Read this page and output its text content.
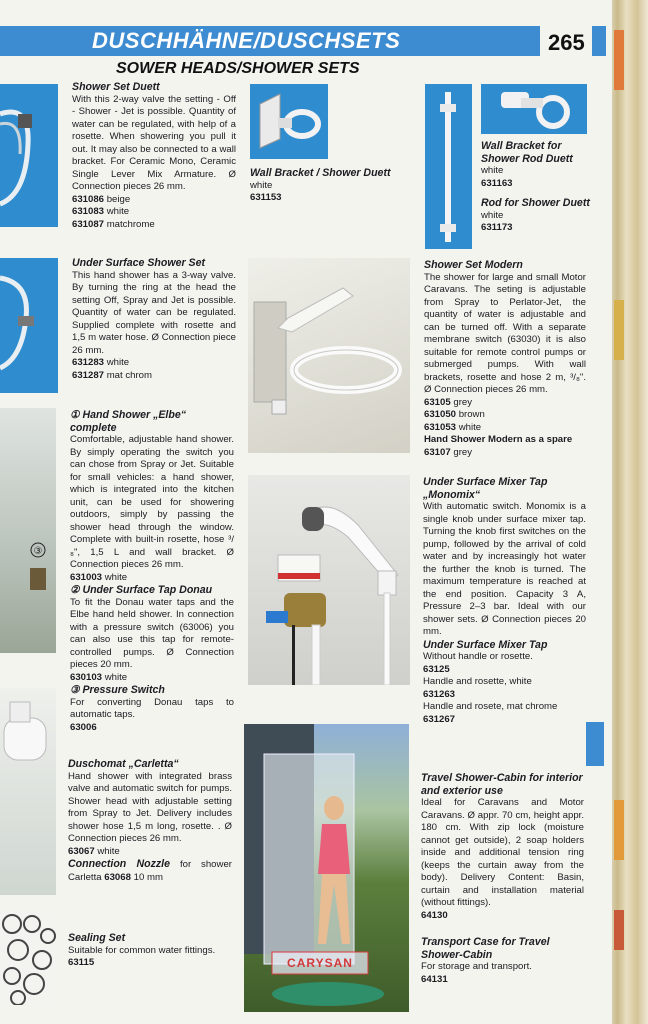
DUSCHHÄHNE/DUSCHSETS	265
SOWER HEADS/SHOWER SETS
③
Shower Set Duett
With this 2-way valve the setting - Off - Shower - Jet is possible. Quantity of water can be regulated, with help of a rosette. When showering you pull it out. It may also be connected to a wall bracket. For Ceramic Mono, Ceramic Single Lever Mix Armature. Ø Connection pieces 26 mm.
631086 beige
631083 white
631087 matchrome
Under Surface Shower Set
This hand shower has a 3-way valve. By turning the ring at the head the setting Off, Spray and Jet is possible. Quantity of water can be regulated. Supplied complete with rosette and 1,5 m water hose. Ø Connection piece 26 mm.
631283 white
631287 mat chrom
① Hand Shower „Elbe“ complete
Comfortable, adjustable hand shower. By simply operating the switch you can chose from Spray or Jet. Suitable for small vehicles: a hand shower, which is integrated into the kitchen unit, can be used for showering outdoors, simply by passing the shower head through the window. Complete with built-in rosette, hose ³/₈", 1,5 L and wall bracket. Ø Connection pieces 26 mm.
631003 white
② Under Surface Tap Donau
To fit the Donau water taps and the Elbe hand held shower. In connection with a pressure switch (63006) you can also use this tap for remote-controlled pumps. Ø Connection pieces 20 mm.
630103 white
③ Pressure Switch
For converting Donau taps to automatic taps.
63006
Duschomat „Carletta“
Hand shower with integrated brass valve and automatic switch for pumps. Shower head with adjustable setting from Spray to Jet. Delivery includes shower hose 1,5 m long, rosette. . Ø Connection pieces 26 mm.
63067 white
Connection Nozzle for shower Carletta 63068 10 mm
Sealing Set
Suitable for common water fittings.
63115
Wall Bracket / Shower Duett
white
631153
CARYSAN
Wall Bracket for Shower Rod Duett
white
631163
Rod for Shower Duett
white
631173
Shower Set Modern
The shower for large and small Motor Caravans. The seting is adjustable from Spray to Perlator-Jet, the quantity of water is adjustable and can be turned off. With a separate membrane switch (63030) it is also suitable for remote control pumps or submerged pumps. With wall brackets, rosette and hose 2 m, ³/₈". Ø Connection pieces 26 mm.
63105 grey
631050 brown
631053 white
Hand Shower Modern as a spare
63107 grey
Under Surface Mixer Tap „Monomix“
With automatic switch. Monomix is a single knob under surface mixer tap. Turning the knob first switches on the pump, followed by the arrival of cold water and by increasingly hot water the further the knob is turned. The maximum temperature is reached at the end position. Capacity 3 A, Pressure 2–3 bar. Ideal with our shower sets. Ø Connection pieces 20 mm.
Under Surface Mixer Tap
Without handle or rosette.
63125
Handle and rosette, white
631263
Handle and rosete, mat chrome
631267
Travel Shower-Cabin for interior and exterior use
Ideal for Caravans and Motor Caravans. Ø appr. 70 cm, height appr. 180 cm. With zip lock (moisture cannot get outside), 2 soap holders inside and additional tension ring (keeps the curtain away from the body). Delivery Content: Basin, curtain and installation material (without fittings).
64130
Transport Case for Travel Shower-Cabin
For storage and transport.
64131
